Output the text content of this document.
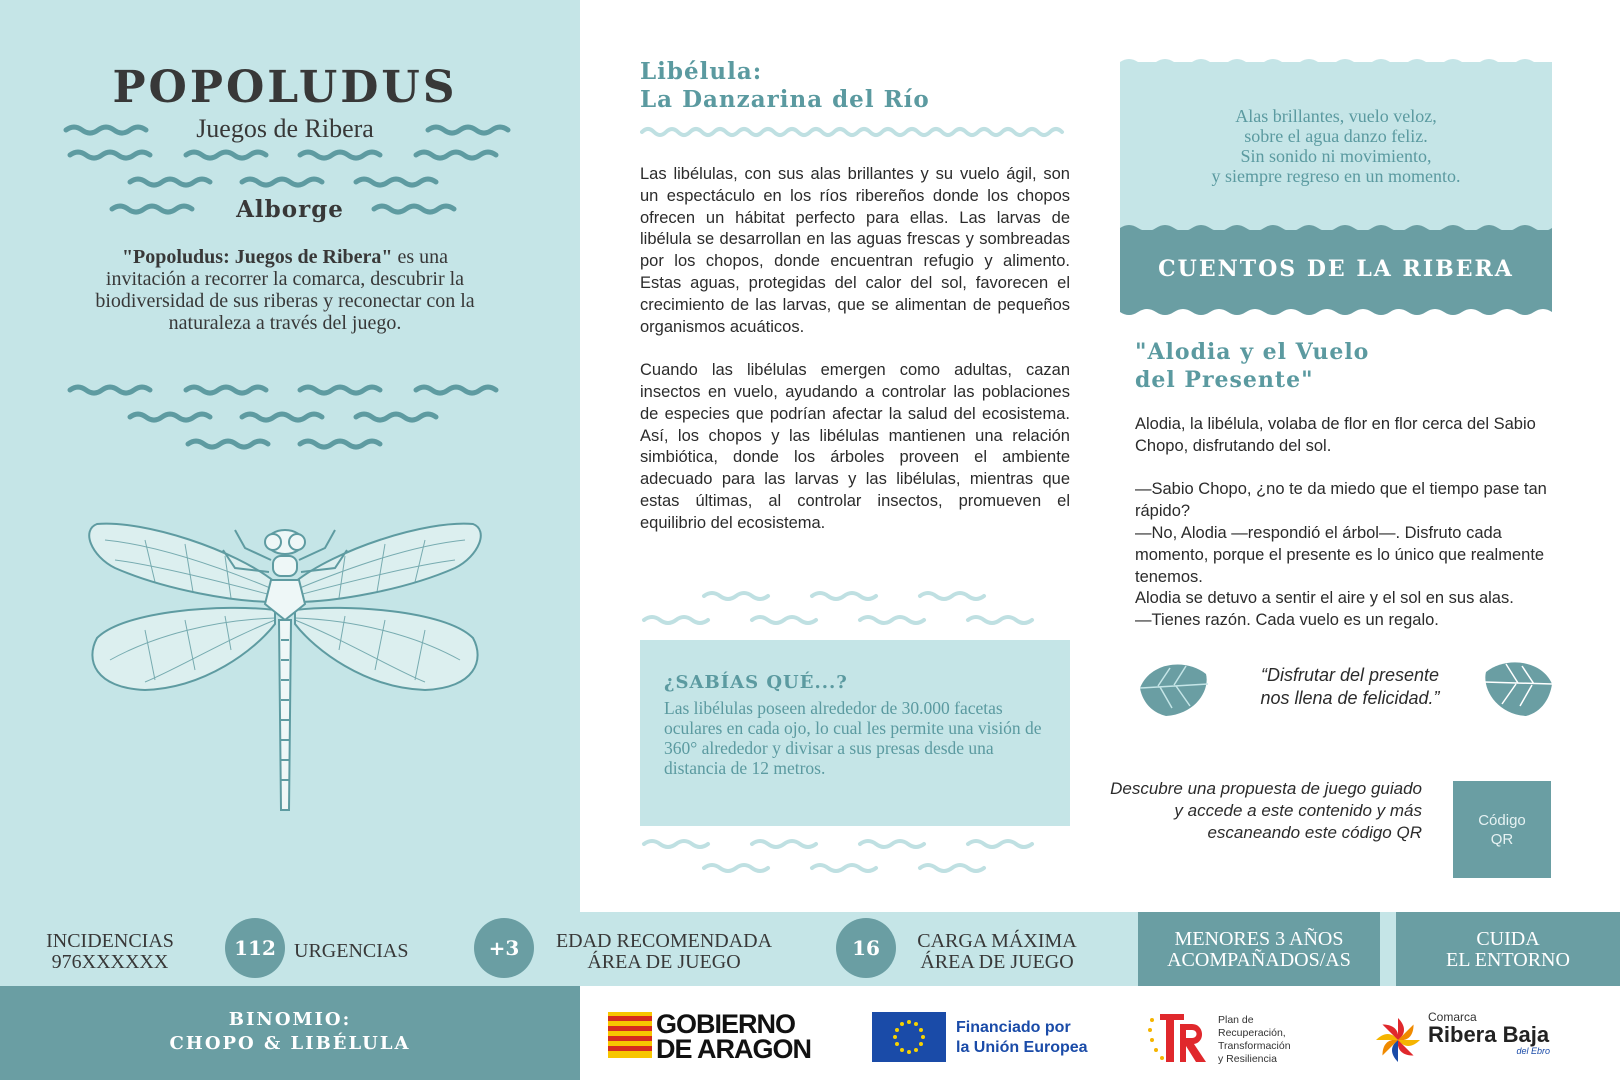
POPOLUDUS
Juegos de Ribera
Alborge
"Popoludus: Juegos de Ribera" es una invitación a recorrer la comarca, descubrir la biodiversidad de sus riberas y reconectar con la naturaleza a través del juego.
Libélula:
La Danzarina del Río

Las libélulas, con sus alas brillantes y su vuelo ágil, son un espectáculo en los ríos ribereños donde los chopos ofrecen un hábitat perfecto para ellas. Las larvas de libélula se desarrollan en las aguas frescas y sombreadas por los chopos, donde encuentran refugio y alimento. Estas aguas, protegidas del calor del sol, favorecen el crecimiento de las larvas, que se alimentan de pequeños organismos acuáticos.

Cuando las libélulas emergen como adultas, cazan insectos en vuelo, ayudando a controlar las poblaciones de especies que podrían afectar la salud del ecosistema. Así, los chopos y las libélulas mantienen una relación simbiótica, donde los árboles proveen el ambiente adecuado para las larvas y las libélulas, mientras que estas últimas, al controlar insectos, promueven el equilibrio del ecosistema.

¿SABÍAS QUÉ...?
Las libélulas poseen alrededor de 30.000 facetas oculares en cada ojo, lo cual les permite una visión de 360° alrededor y divisar a sus presas desde una distancia de 12 metros.
Alas brillantes, vuelo veloz,
sobre el agua danzo feliz.
Sin sonido ni movimiento,
y siempre regreso en un momento.
CUENTOS DE LA RIBERA
"Alodia y el Vuelo
del Presente"
Alodia, la libélula, volaba de flor en flor cerca del Sabio Chopo, disfrutando del sol.
—Sabio Chopo, ¿no te da miedo que el tiempo pase tan rápido?
—No, Alodia —respondió el árbol—. Disfruto cada momento, porque el presente es lo único que realmente tenemos.
Alodia se detuvo a sentir el aire y el sol en sus alas.
—Tienes razón. Cada vuelo es un regalo.
“Disfrutar del presente
nos llena de felicidad.”
Descubre una propuesta de juego guiado y accede a este contenido y más escaneando este código QR
Código
QR
INCIDENCIAS
976XXXXXX
112 URGENCIAS	+3	EDAD RECOMENDADA
ÁREA DE JUEGO
16	CARGA MÁXIMA
ÁREA DE JUEGO
MENORES 3 AÑOS
ACOMPAÑADOS/AS
CUIDA
EL ENTORNO
BINOMIO:
CHOPO & LIBÉLULA
GOBIERNO
DE ARAGON
Financiado por
la Unión Europea
Plan de
Recuperación,
Transformación
y Resiliencia
Comarca
Ribera Baja
del Ebro
